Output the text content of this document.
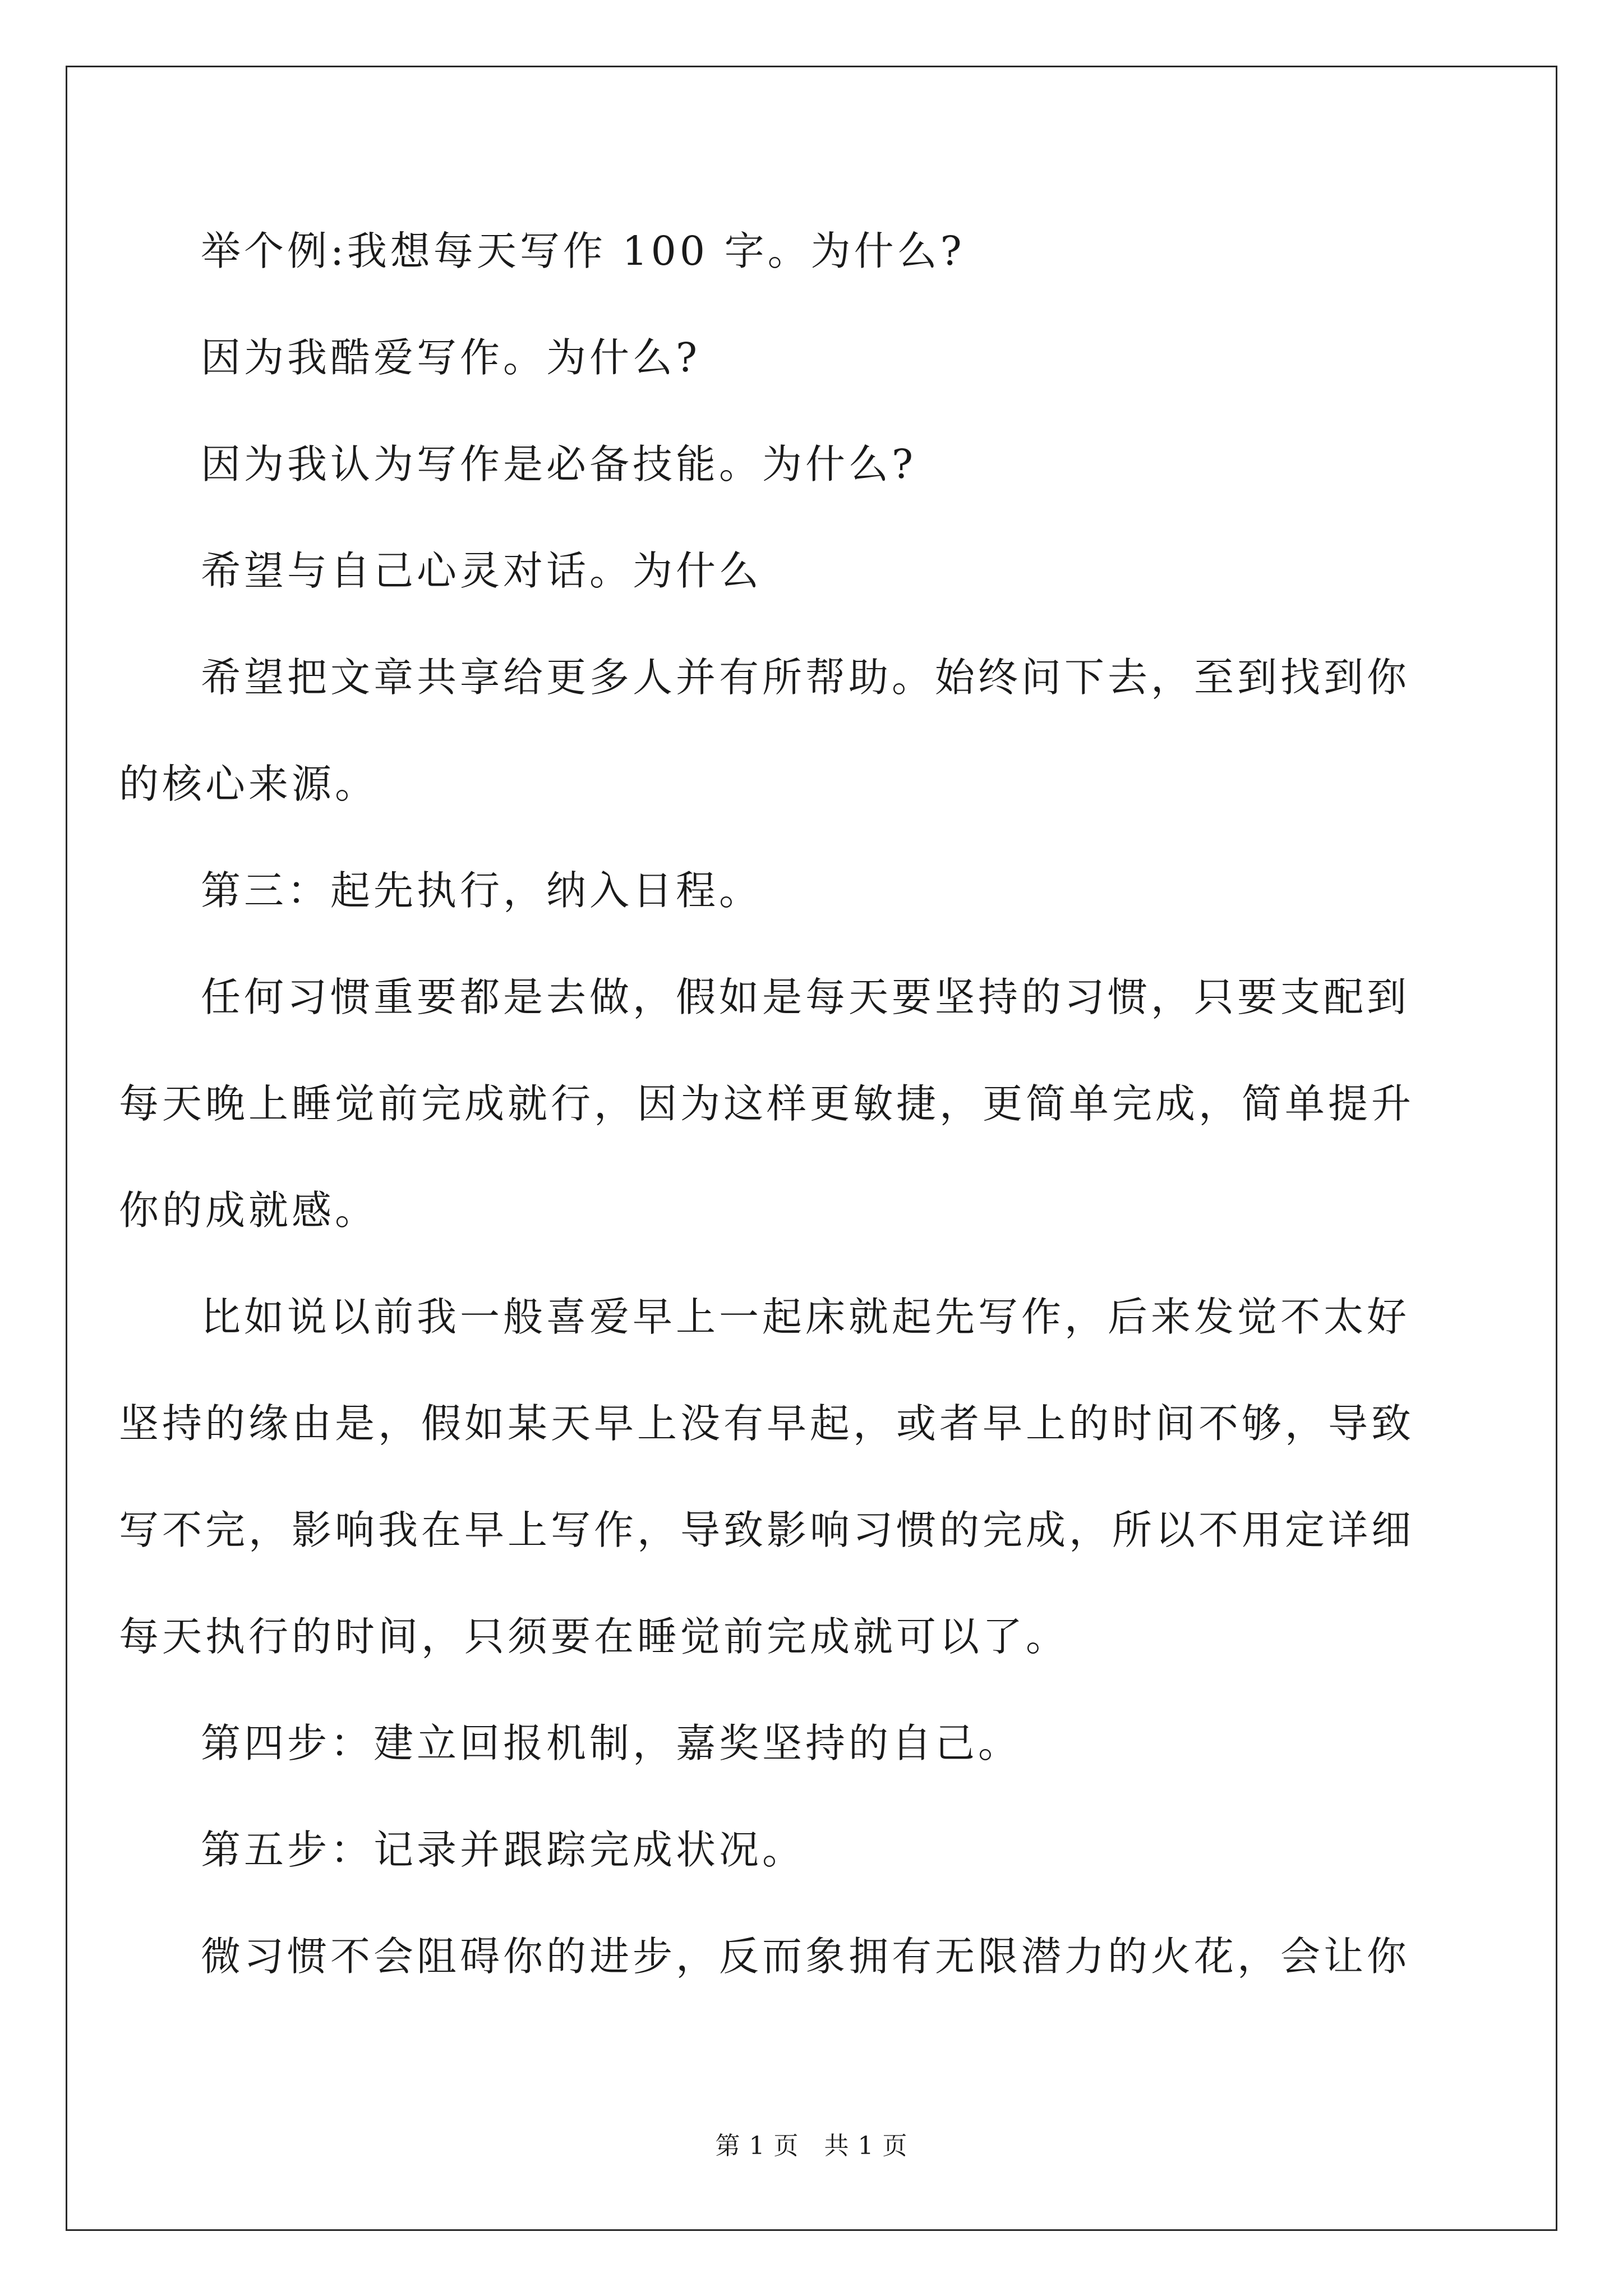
举个例:我想每天写作 100 字。为什么?
因为我酷爱写作。为什么?
因为我认为写作是必备技能。为什么?
希望与自己心灵对话。为什么
希望把文章共享给更多人并有所帮助。始终问下去，至到找到你
的核心来源。
第三：起先执行，纳入日程。
任何习惯重要都是去做，假如是每天要坚持的习惯，只要支配到
每天晚上睡觉前完成就行，因为这样更敏捷，更简单完成，简单提升
你的成就感。
比如说以前我一般喜爱早上一起床就起先写作，后来发觉不太好
坚持的缘由是，假如某天早上没有早起，或者早上的时间不够，导致
写不完，影响我在早上写作，导致影响习惯的完成，所以不用定详细
每天执行的时间，只须要在睡觉前完成就可以了。
第四步：建立回报机制，嘉奖坚持的自己。
第五步：记录并跟踪完成状况。
微习惯不会阻碍你的进步，反而象拥有无限潜力的火花，会让你
第 1 页   共 1 页
